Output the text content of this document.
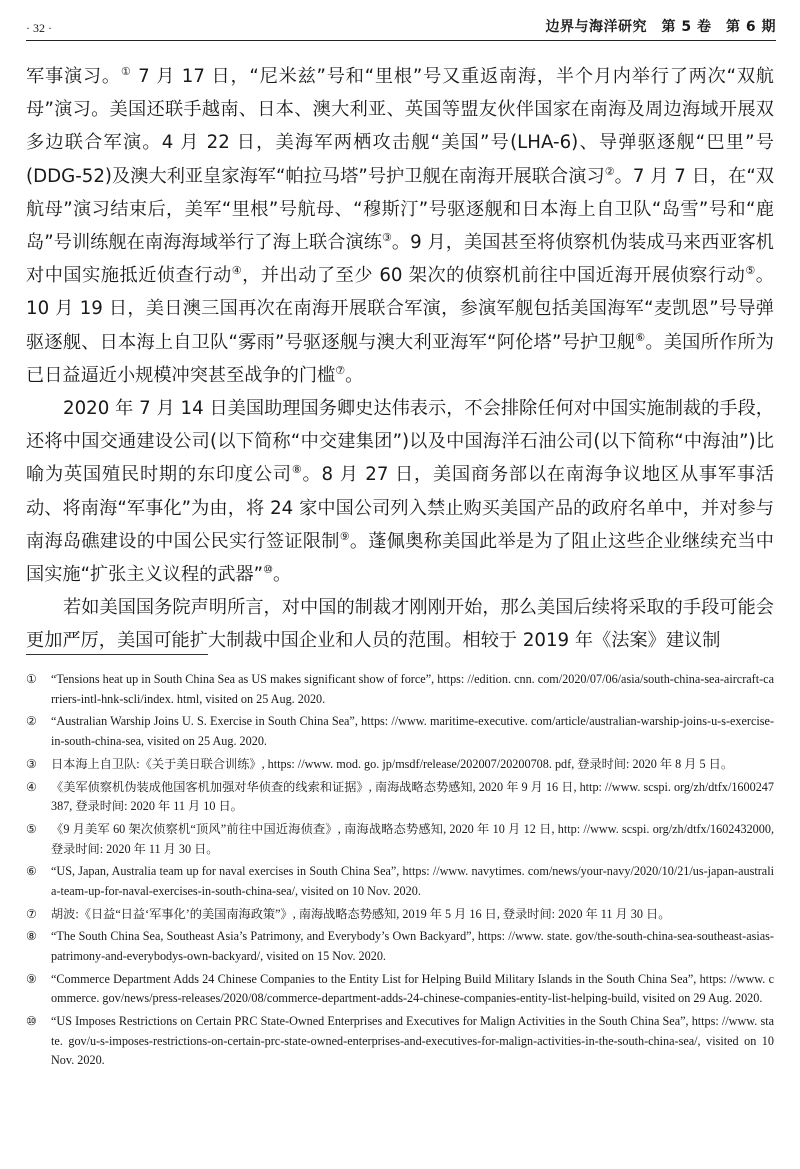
· 32 ·	边界与海洋研究　第 5 卷　第 6 期

军事演习。① 7 月 17 日，“尼米兹”号和“里根”号又重返南海，半个月内举行了两次“双航母”演习。美国还联手越南、日本、澳大利亚、英国等盟友伙伴国家在南海及周边海域开展双多边联合军演。4 月 22 日，美海军两栖攻击舰“美国”号(LHA-6)、导弹驱逐舰“巴里”号(DDG-52)及澳大利亚皇家海军“帕拉马塔”号护卫舰在南海开展联合演习②。7 月 7 日，在“双航母”演习结束后，美军“里根”号航母、“穆斯汀”号驱逐舰和日本海上自卫队“岛雪”号和“鹿岛”号训练舰在南海海域举行了海上联合演练③。9 月，美国甚至将侦察机伪装成马来西亚客机对中国实施抵近侦查行动④，并出动了至少 60 架次的侦察机前往中国近海开展侦察行动⑤。10 月 19 日，美日澳三国再次在南海开展联合军演，参演军舰包括美国海军“麦凯恩”号导弹驱逐舰、日本海上自卫队“雾雨”号驱逐舰与澳大利亚海军“阿伦塔”号护卫舰⑥。美国所作所为已日益逼近小规模冲突甚至战争的门槛⑦。

2020 年 7 月 14 日美国助理国务卿史达伟表示，不会排除任何对中国实施制裁的手段，还将中国交通建设公司(以下简称“中交建集团”)以及中国海洋石油公司(以下简称“中海油”)比喻为英国殖民时期的东印度公司⑧。8 月 27 日，美国商务部以在南海争议地区从事军事活动、将南海“军事化”为由，将 24 家中国公司列入禁止购买美国产品的政府名单中，并对参与南海岛礁建设的中国公民实行签证限制⑨。蓬佩奥称美国此举是为了阻止这些企业继续充当中国实施“扩张主义议程的武器”⑩。

若如美国国务院声明所言，对中国的制裁才刚刚开始，那么美国后续将采取的手段可能会更加严厉，美国可能扩大制裁中国企业和人员的范围。相较于 2019 年《法案》建议制

①	“Tensions heat up in South China Sea as US makes significant show of force”, https: //edition. cnn. com/2020/07/06/asia/south-china-sea-aircraft-carriers-intl-hnk-scli/index. html, visited on 25 Aug. 2020.
②	“Australian Warship Joins U. S. Exercise in South China Sea”, https: //www. maritime-executive. com/article/australian-warship-joins-u-s-exercise-in-south-china-sea, visited on 25 Aug. 2020.
③	日本海上自卫队:《关于美日联合训练》, https: //www. mod. go. jp/msdf/release/202007/20200708. pdf, 登录时间: 2020 年 8 月 5 日。
④	《美军侦察机伪装成他国客机加强对华侦查的线索和证据》, 南海战略态势感知, 2020 年 9 月 16 日, http: //www. scspi. org/zh/dtfx/1600247387, 登录时间: 2020 年 11 月 10 日。
⑤	《9 月美军 60 架次侦察机“顶风”前往中国近海侦查》, 南海战略态势感知, 2020 年 10 月 12 日, http: //www. scspi. org/zh/dtfx/1602432000, 登录时间: 2020 年 11 月 30 日。
⑥	“US, Japan, Australia team up for naval exercises in South China Sea”, https: //www. navytimes. com/news/your-navy/2020/10/21/us-japan-australia-team-up-for-naval-exercises-in-south-china-sea/, visited on 10 Nov. 2020.
⑦	胡波:《日益“日益‘军事化’的美国南海政策”》, 南海战略态势感知, 2019 年 5 月 16 日, 登录时间: 2020 年 11 月 30 日。
⑧	“The South China Sea, Southeast Asia’s Patrimony, and Everybody’s Own Backyard”, https: //www. state. gov/the-south-china-sea-southeast-asias-patrimony-and-everybodys-own-backyard/, visited on 15 Nov. 2020.
⑨	“Commerce Department Adds 24 Chinese Companies to the Entity List for Helping Build Military Islands in the South China Sea”, https: //www. commerce. gov/news/press-releases/2020/08/commerce-department-adds-24-chinese-companies-entity-list-helping-build, visited on 29 Aug. 2020.
⑩	“US Imposes Restrictions on Certain PRC State-Owned Enterprises and Executives for Malign Activities in the South China Sea”, https: //www. state. gov/u-s-imposes-restrictions-on-certain-prc-state-owned-enterprises-and-executives-for-malign-activities-in-the-south-china-sea/, visited on 10 Nov. 2020.
